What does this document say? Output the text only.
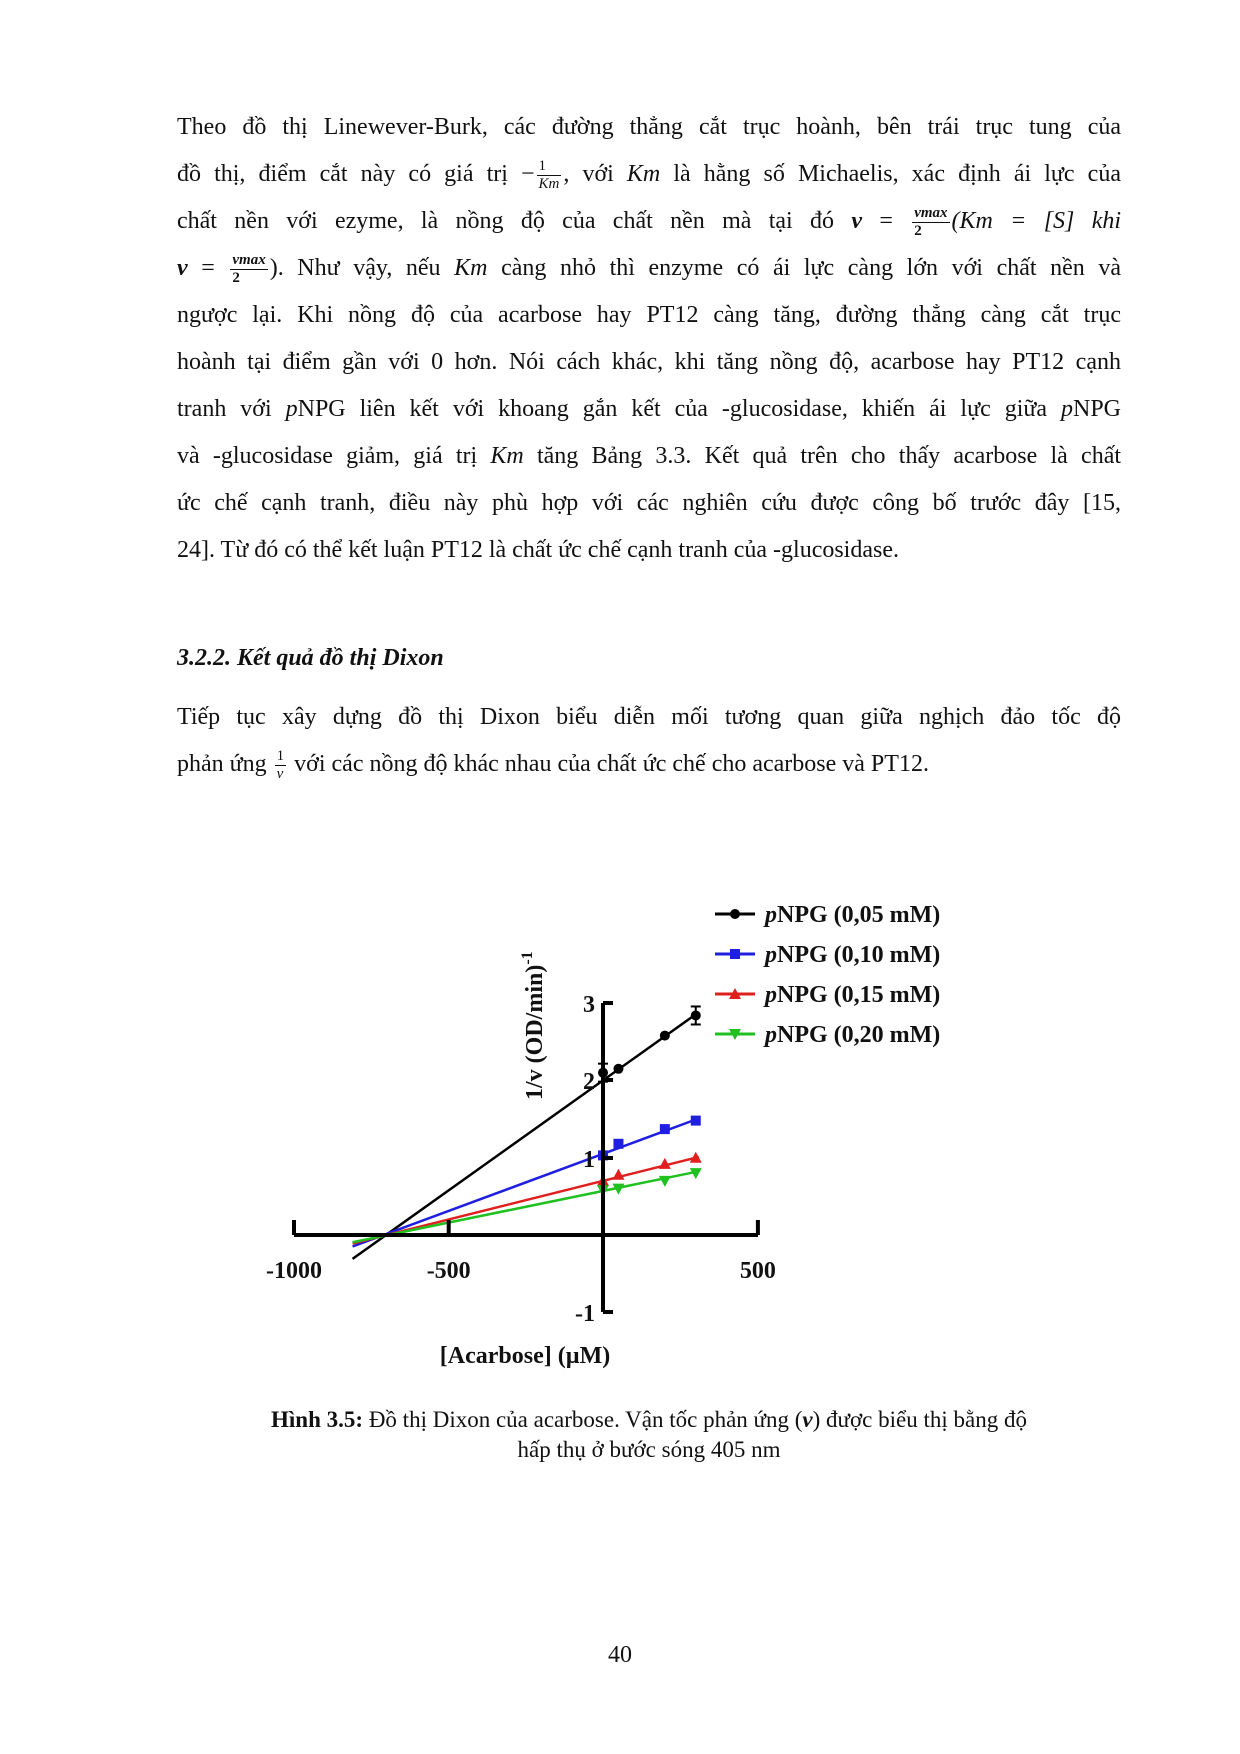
Theo đồ thị Linewever-Burk, các đường thẳng cắt trục hoành, bên trái trục tung của
đồ thị, điểm cắt này có giá trị − $\frac{1}{Km}$ , với Km là hằng số Michaelis, xác định ái lực của
chất nền với ezyme, là nồng độ của chất nền mà tại đó $v = \frac{vmax}{2} (Km = [S]$ khi
$v = \frac{vmax}{2}$ ). Như vậy, nếu Km càng nhỏ thì enzyme có ái lực càng lớn với chất nền và
ngược lại. Khi nồng độ của acarbose hay PT12 càng tăng, đường thẳng càng cắt trục
hoành tại điểm gần với 0 hơn. Nói cách khác, khi tăng nồng độ, acarbose hay PT12 cạnh
tranh với pNPG liên kết với khoang gắn kết của -glucosidase, khiến ái lực giữa pNPG
và -glucosidase giảm, giá trị Km tăng Bảng 3.3. Kết quả trên cho thấy acarbose là chất
ức chế cạnh tranh, điều này phù hợp với các nghiên cứu được công bố trước đây [15,
24]. Từ đó có thể kết luận PT12 là chất ức chế cạnh tranh của -glucosidase.
3.2.2. Kết quả đồ thị Dixon
Tiếp tục xây dựng đồ thị Dixon biểu diễn mối tương quan giữa nghịch đảo tốc độ
phản ứng $\frac{1}{v}$ với các nồng độ khác nhau của chất ức chế cho acarbose và PT12.
-1000	-500	500
-1
1
2
3
[Acarbose] (µM)
1/v $(OD/\min)^{-1}$
pNPG (0,05 mM)
pNPG (0,10 mM)
pNPG (0,15 mM)
pNPG (0,20 mM)
Hình 3.5: Đồ thị Dixon của acarbose. Vận tốc phản ứng (v) được biểu thị bằng độ
hấp thụ ở bước sóng 405 nm
40
